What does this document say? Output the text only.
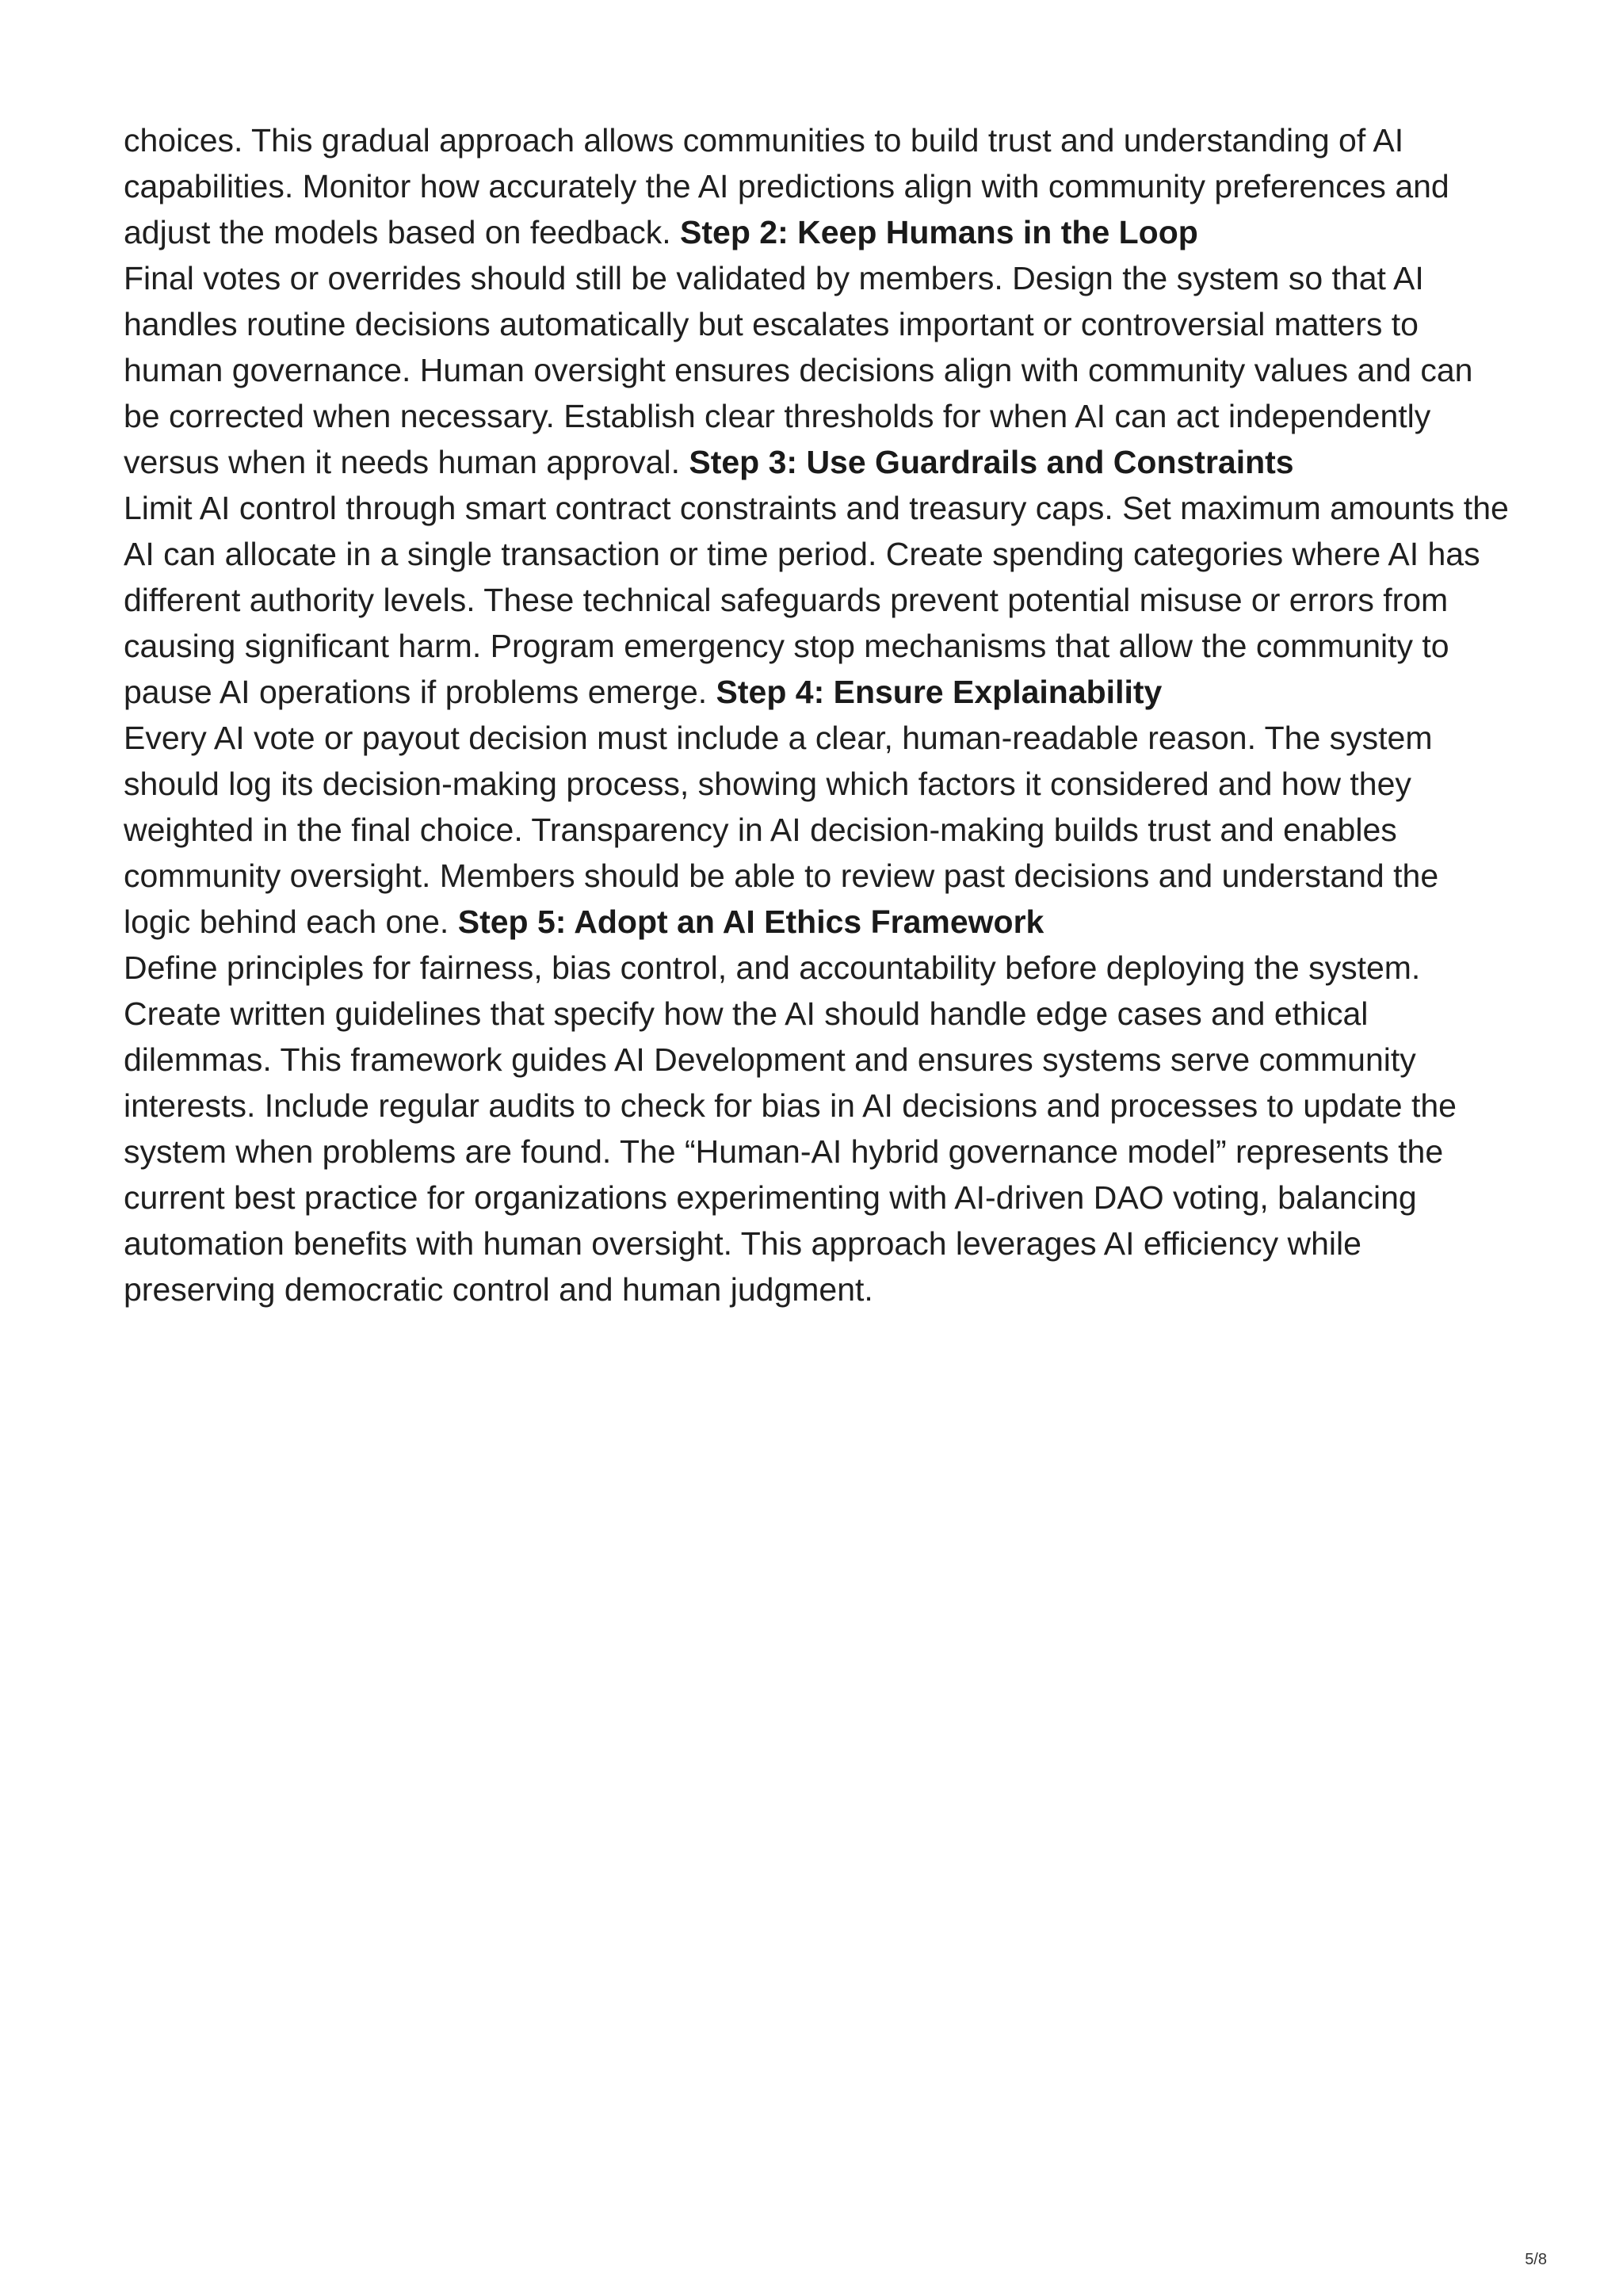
choices. This gradual approach allows communities to build trust and understanding of AI capabilities. Monitor how accurately the AI predictions align with community preferences and adjust the models based on feedback. Step 2: Keep Humans in the Loop
Final votes or overrides should still be validated by members. Design the system so that AI handles routine decisions automatically but escalates important or controversial matters to human governance. Human oversight ensures decisions align with community values and can be corrected when necessary. Establish clear thresholds for when AI can act independently versus when it needs human approval. Step 3: Use Guardrails and Constraints
Limit AI control through smart contract constraints and treasury caps. Set maximum amounts the AI can allocate in a single transaction or time period. Create spending categories where AI has different authority levels. These technical safeguards prevent potential misuse or errors from causing significant harm. Program emergency stop mechanisms that allow the community to pause AI operations if problems emerge. Step 4: Ensure Explainability
Every AI vote or payout decision must include a clear, human-readable reason. The system should log its decision-making process, showing which factors it considered and how they weighted in the final choice. Transparency in AI decision-making builds trust and enables community oversight. Members should be able to review past decisions and understand the logic behind each one. Step 5: Adopt an AI Ethics Framework
Define principles for fairness, bias control, and accountability before deploying the system. Create written guidelines that specify how the AI should handle edge cases and ethical dilemmas. This framework guides AI Development and ensures systems serve community interests. Include regular audits to check for bias in AI decisions and processes to update the system when problems are found. The “Human-AI hybrid governance model” represents the current best practice for organizations experimenting with AI-driven DAO voting, balancing automation benefits with human oversight. This approach leverages AI efficiency while preserving democratic control and human judgment.

5/8
